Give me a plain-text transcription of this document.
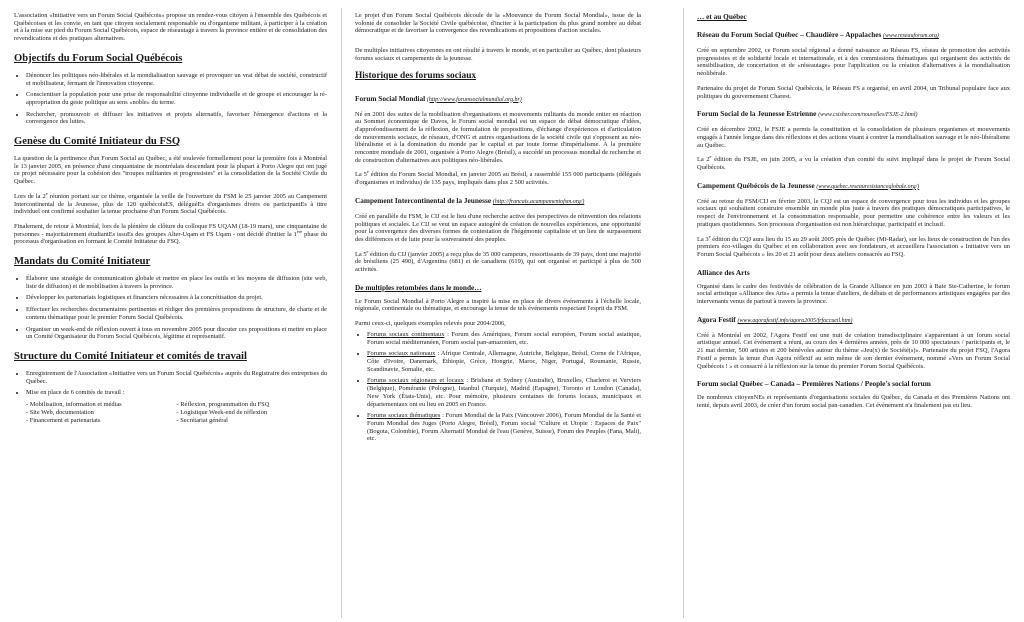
L'association «Initiative vers un Forum Social Québécois» propose un rendez-vous citoyen à l'ensemble des Québécois et Québécoises et les convie, en tant que citoyen socialement responsable ou d'organisme militant, à participer à la création et à la mise sur pied du Forum Social Québécois, espace de réseautage à travers la province entière et de consolidation des revendications et des pratiques alternatives.

Objectifs du Forum Social Québécois
• Dénoncer les politiques néo-libérales et la mondialisation sauvage et provoquer un vrai débat de société, constructif et mobilisateur, fermant de l'innovation citoyenne.
• Conscientiser la population pour une prise de responsabilité citoyenne individuelle et de groupe et encourager la ré-appropriation du geste politique au sens «noble» du terme.
• Rechercher, promouvoir et diffuser les initiatives et projets alternatifs, favoriser l'émergence d'actions et la convergence des luttes.
Genèse du Comité Initiateur du FSQ

La question de la pertinence d'un Forum Social au Québec, a été soulevée formellement pour la première fois à Montréal le 13 janvier 2005, en présence d'une cinquantaine de montréalais descendant pour la plupart à Porto Alegre qui ont jugé ce projet nécessaire pour la cohésion des "troupes militantes et progressistes" et la consolidation de la Société Civile du Québec.

Lors de la 2e réunion portant sur ce thème, organisée la veille de l'ouverture du FSM le 25 janvier 2005 au Campement Intercontinental de la Jeunesse, plus de 120 québécoisES, déléguéEs d'organismes divers ou participantEs à titre individuel ont confirmé souhaiter la tenue prochaine d'un Forum Social Québécois.

Finalement, de retour à Montréal, lors de la plénière de clôture du colloque FS UQAM (18-19 mars), une cinquantaine de personnes - majoritairement étudiantEs issuEs des groupes Alter-Uqam et FS Uqam - ont décidé d'initier la 1ère phase du processus d'organisation en formant le Comité Initiateur du FSQ.

Mandats du Comité Initiateur
• Élaborer une stratégie de communication globale et mettre en place les outils et les moyens de diffusion (site web, liste de diffusion) et de mobilisation à travers la province.
• Développer les partenariats logistiques et financiers nécessaires à la concrétisation du projet.
• Effectuer les recherches documentaires pertinentes et rédiger des premières propositions de structure, de charte et de contenu thématique pour le premier Forum Social Québécois.
• Organiser un week-end de réflexion ouvert à tous en novembre 2005 pour discuter ces propositions et mettre en place un Comité Organisateur du Forum Social Québécois, légitime et représentatif.
Structure du Comité Initiateur et comités de travail
• Enregistrement de l'Association «Initiative vers un Forum Social Québécois» auprès du Registraire des entreprises du Québec.
• Mise en place de 6 comités de travail :
- Mobilisation, information et médias	- Réflexion, programmation du FSQ
- Site Web, documentation	- Logistique Week-end de réflexion
- Financement et partenariats	- Secrétariat général

Le projet d'un Forum Social Québécois découle de la «Mouvance du Forum Social Mondial», issue de la volonté de consolider la Société Civile québécoise, d'inciter à la participation du plus grand nombre au débat démocratique et de favoriser la convergence des revendications et propositions d'action sociales.

De multiples initiatives citoyennes en ont résulté à travers le monde, et en particulier au Québec, dont plusieurs forums sociaux et campements de la jeunesse.

Historique des forums sociaux
Forum Social Mondial (http://www.forumsocialmundial.org.br)

Né en 2001 des suites de la mobilisation d'organisations et mouvements militants du monde entier en réaction au Sommet économique de Davos, le Forum social mondial est un espace de débat démocratique d'idées, d'approfondissement de la réflexion, de formulation de propositions, d'échange d'expériences et d'articulation de mouvements sociaux, de réseaux, d'ONG et autres organisations de la société civile qui s'opposent au néo-libéralisme et à la domination du monde par le capital et par toute forme d'impérialisme. À la première rencontre mondiale de 2001, organisée à Porto Alegre (Brésil), a succédé un processus mondial de recherche et de construction d'alternatives aux politiques néo-libérales.

La 5e édition du Forum Social Mondial, en janvier 2005 au Brésil, a rassemblé 155 000 participants (délégués d'organismes et individus) de 135 pays, impliqués dans plus 2 500 activités.

Campement Intercontinental de la Jeunesse (http://francais.acampamentofsm.org/)

Créé en parallèle du FSM, le CIJ est le lieu d'une recherche active des perspectives de réinvention des relations politiques et sociales. Le CIJ se veut un espace autogéré de création de nouvelles expériences, une opportunité pour la convergence des diverses formes de contestation de l'hégémonie capitaliste et un lieu de surpassement des différences et de lutte pour la souveraineté des peuples.

La 5e édition du CIJ (janvier 2005) a reçu plus de 35 000 campeurs, ressortissants de 39 pays, dont une majorité de brésiliens (25 490), d'Argentins (681) et de canadiens (619), qui ont organisé et participé à plus de 500 activités.

De multiples retombées dans le monde…

Le Forum Social Mondial à Porto Alegre a inspiré la mise en place de divers événements à l'échelle locale, régionale, continentale ou thématique, et encourage la tenue de tels événements respectant l'esprit du FSM.

Parmi ceux-ci, quelques exemples relevés pour 2004/2006,

• Forums sociaux continentaux : Forum des Amériques, Forum social européen, Forum social asiatique, Forum social méditerranéen, Forum social pan-amazonien, etc.
• Forums sociaux nationaux : Afrique Centrale, Allemagne, Autriche, Belgique, Brésil, Corne de l'Afrique, Côte d'Ivoire, Danemark, Éthiopie, Grèce, Hongrie, Maroc, Niger, Portugal, Roumanie, Russie, Scandinavie, Somalie, etc.
• Forums sociaux régionaux et locaux : Brisbane et Sydney (Australie), Bruxelles, Charleroi et Verviers (Belgique), Poméranie (Pologne), Istanbul (Turquie), Madrid (Espagne), Toronto et London (Canada), New York (États-Unis), etc. Pour mémoire, plusieurs centaines de forums locaux, municipaux et départementaux ont eu lieu en 2005 en France.
• Forums sociaux thématiques : Forum Mondial de la Paix (Vancouver 2006), Forum Mondial de la Santé et Forum Mondial des Juges (Porto Alegre, Brésil), Forum social "Culture et Utopie : Espaces de Paix" (Bogota, Colombie), Forum Alternatif Mondial de l'eau (Genève, Suisse), Forum des Peuples (Fana, Mali), etc.
… et au Québec
Réseau du Forum Social Québec – Chaudière – Appalaches (www.reseauforum.org)

Créé en septembre 2002, ce Forum social régional a donné naissance au Réseau FS, réseau de promotion des activités progressistes et de solidarité locale et internationale, et à des commissions thématiques qui organisent des activités de sensibilisation, de concertation et de «réseautage» pour l'application ou la création d'alternatives à la mondialisation néolibérale.

Partenaire du projet de Forum Social Québécois, le Réseau FS a organisé, en avril 2004, un Tribunal populaire face aux politiques du gouvernement Charest.

Forum Social de la Jeunesse Estrienne (www.csisher.com/nouvelles/FSJE-2.html)

Créé en décembre 2002, le FSJE a permis la constitution et la consolidation de plusieurs organismes et mouvements engagés à l'année longue dans des réflexions et des actions visant à contrer la mondialisation sauvage et le néo-libéralisme au Québec.

La 2e édition du FSJE, en juin 2005, a vu la création d'un comité du suivi impliqué dans le projet de Forum Social Québécois.

Campement Québécois de la Jeunesse (www.quebec.reseauresistanceglobale.org/)

Créé au retour du FSM/CIJ en février 2003, le CQJ est un espace de convergence pour tous les individus et les groupes sociaux qui souhaitent construire ensemble un monde plus juste à travers des pratiques démocratiques participatives, le respect de l'environnement et la consommation responsable, pour permettre une cohérence entre les valeurs et les pratiques quotidiennes. Son processus d'organisation est non hiérarchique, participatif et inclusif.

La 3e édition du CQJ aura lieu du 15 au 29 août 2005 près de Québec (Mt-Radar), sur les lieux de construction de l'un des premiers éco-villages du Québec et en collaboration avec ses fondateurs, et accueillera l'association « Initiative vers un Forum Social Québécois » les 20 et 21 août pour deux ateliers consacrés au FSQ.

Alliance des Arts

Organisé dans le cadre des festivités de célébration de la Grande Alliance en juin 2003 à Baie Ste-Catherine, le forum social artistique «Alliance des Arts» a permis la tenue d'ateliers, de débats et de performances artistiques engagées par des intervenants venus de partout à travers la province.

Agora Festif (www.agorafestif.info/agora2005/frfaccueil.htm)

Créé à Montréal en 2002, l'Agora Festif est une nuit de création transdisciplinaire s'apparentant à un forum social artistique annuel. Cet événement a réuni, au cours des 4 dernières années, près de 10 000 spectateurs / participants et, le 21 mai dernier, 500 artistes et 200 bénévoles autour du thème «Jeu(x) de Société(s)». Partenaire du projet FSQ, l'Agora Festif a permis la tenue d'un Agora réflexif au sein même de son dernier événement, nommé «Vers un Forum Social Québécois ! » et consacré à la réflexion sur la tenue du premier Forum Social Québécois.

Forum social Québec – Canada – Premières Nations / People's social forum

De nombreux citoyenNEs et représentants d'organisations sociales du Québec, du Canada et des Premières Nations ont tenté, depuis avril 2003, de créer d'un forum social pan-canadien. Cet événement n'a finalement pas eu lieu.
